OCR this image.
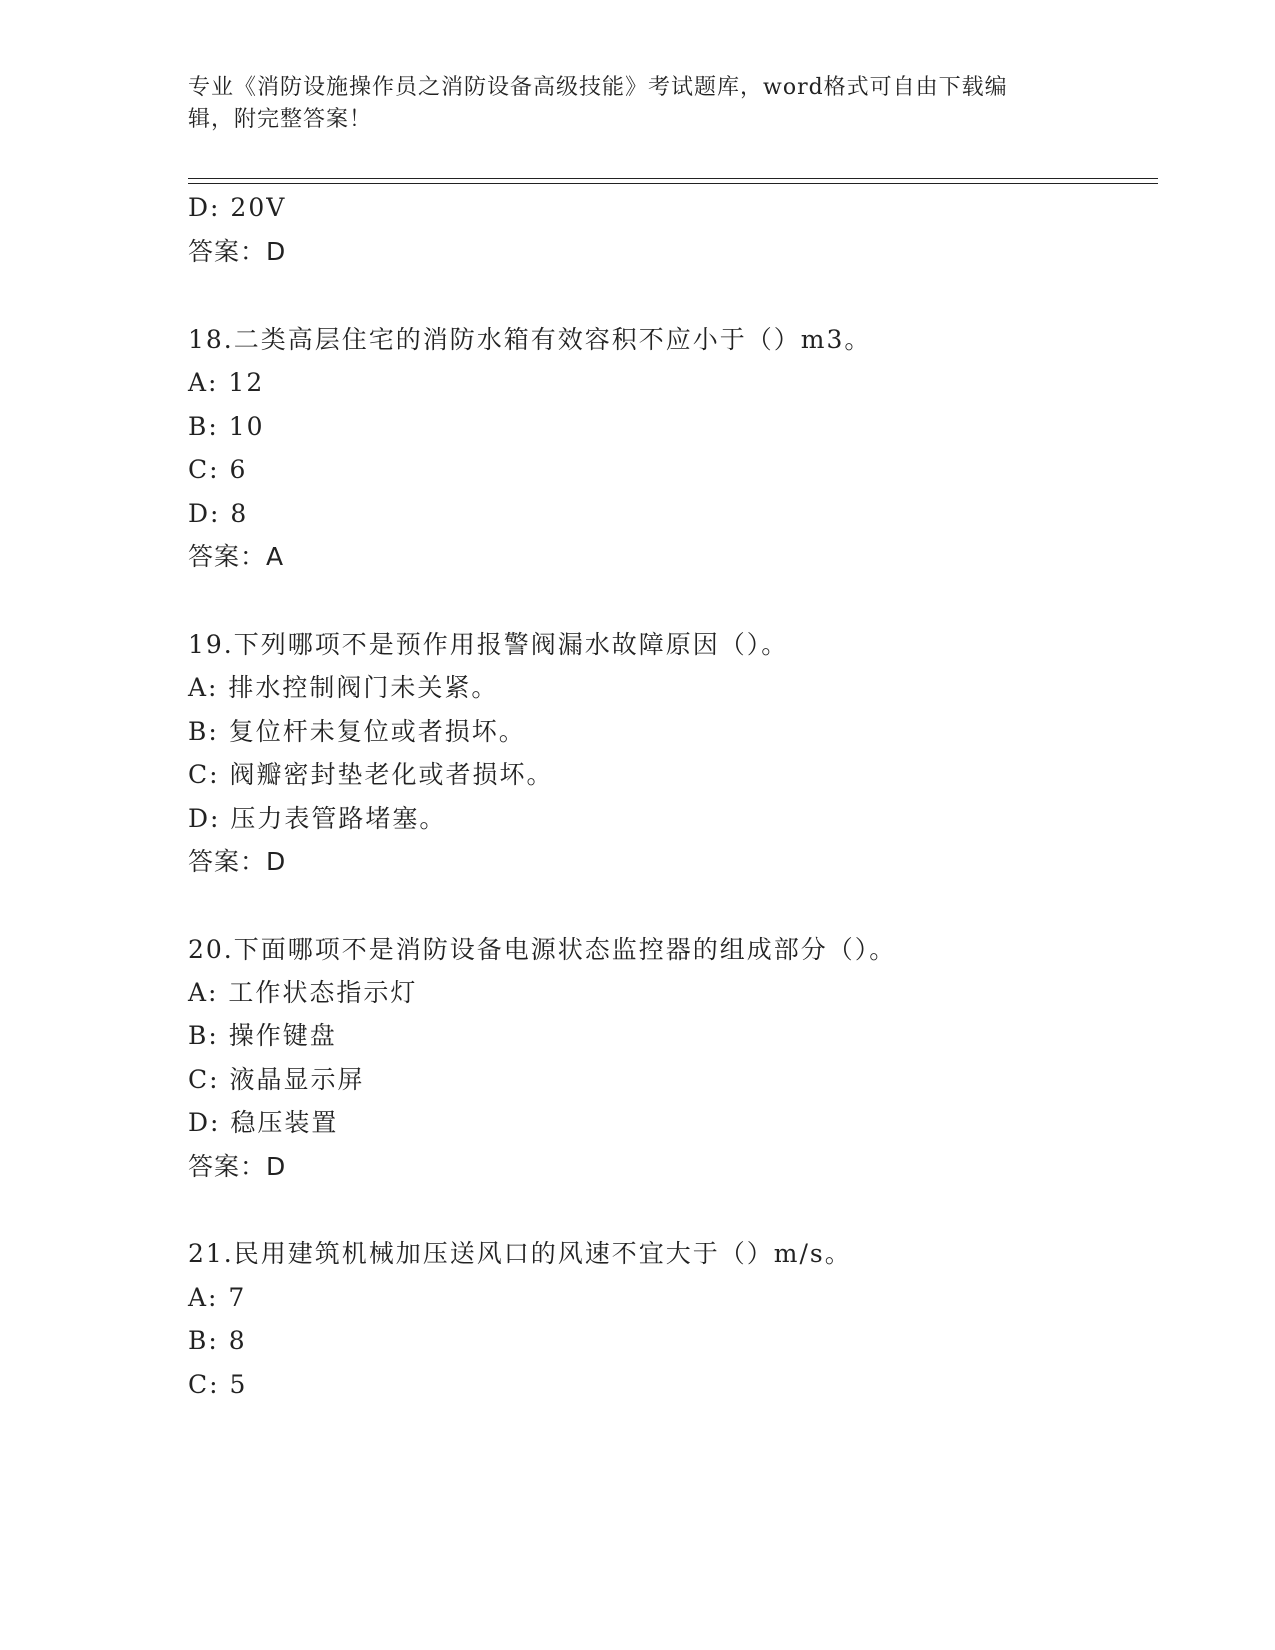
专业《消防设施操作员之消防设备高级技能》考试题库，word格式可自由下载编
辑，附完整答案！
D: 20V
答案：D
18.二类高层住宅的消防水箱有效容积不应小于（）m3。
A: 12
B: 10
C: 6
D: 8
答案：A
19.下列哪项不是预作用报警阀漏水故障原因（）。
A: 排水控制阀门未关紧。
B: 复位杆未复位或者损坏。
C: 阀瓣密封垫老化或者损坏。
D: 压力表管路堵塞。
答案：D
20.下面哪项不是消防设备电源状态监控器的组成部分（）。
A: 工作状态指示灯
B: 操作键盘
C: 液晶显示屏
D: 稳压装置
答案：D
21.民用建筑机械加压送风口的风速不宜大于（）m/s。
A: 7
B: 8
C: 5
